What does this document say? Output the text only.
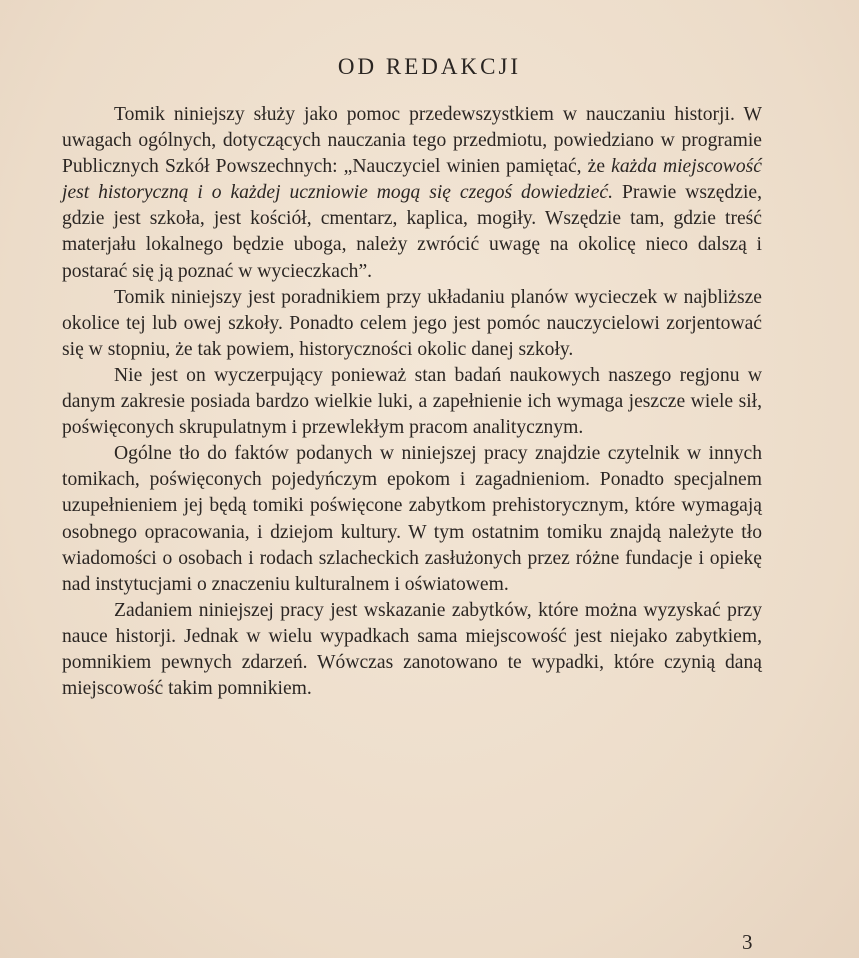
OD REDAKCJI

Tomik niniejszy służy jako pomoc przedewszystkiem w nauczaniu historji. W uwagach ogólnych, dotyczących nauczania tego przedmiotu, powiedziano w programie Publicznych Szkół Powszechnych: „Nauczyciel winien pamiętać, że każda miejscowość jest historyczną i o każdej uczniowie mogą się czegoś dowiedzieć. Prawie wszędzie, gdzie jest szkoła, jest kościół, cmentarz, kaplica, mogiły. Wszędzie tam, gdzie treść materjału lokalnego będzie uboga, należy zwrócić uwagę na okolicę nieco dalszą i postarać się ją poznać w wycieczkach”.

Tomik niniejszy jest poradnikiem przy układaniu planów wycieczek w najbliższe okolice tej lub owej szkoły. Ponadto celem jego jest pomóc nauczycielowi zorjentować się w stopniu, że tak powiem, historyczności okolic danej szkoły.

Nie jest on wyczerpujący ponieważ stan badań naukowych naszego regjonu w danym zakresie posiada bardzo wielkie luki, a zapełnienie ich wymaga jeszcze wiele sił, poświęconych skrupulatnym i przewlekłym pracom analitycznym.

Ogólne tło do faktów podanych w niniejszej pracy znajdzie czytelnik w innych tomikach, poświęconych pojedyńczym epokom i zagadnieniom. Ponadto specjalnem uzupełnieniem jej będą tomiki poświęcone zabytkom prehistorycznym, które wymagają osobnego opracowania, i dziejom kultury. W tym ostatnim tomiku znajdą należyte tło wiadomości o osobach i rodach szlacheckich zasłużonych przez różne fundacje i opiekę nad instytucjami o znaczeniu kulturalnem i oświatowem.

Zadaniem niniejszej pracy jest wskazanie zabytków, które można wyzyskać przy nauce historji. Jednak w wielu wypadkach sama miejscowość jest niejako zabytkiem, pomnikiem pewnych zdarzeń. Wówczas zanotowano te wypadki, które czynią daną miejscowość takim pomnikiem.

3
